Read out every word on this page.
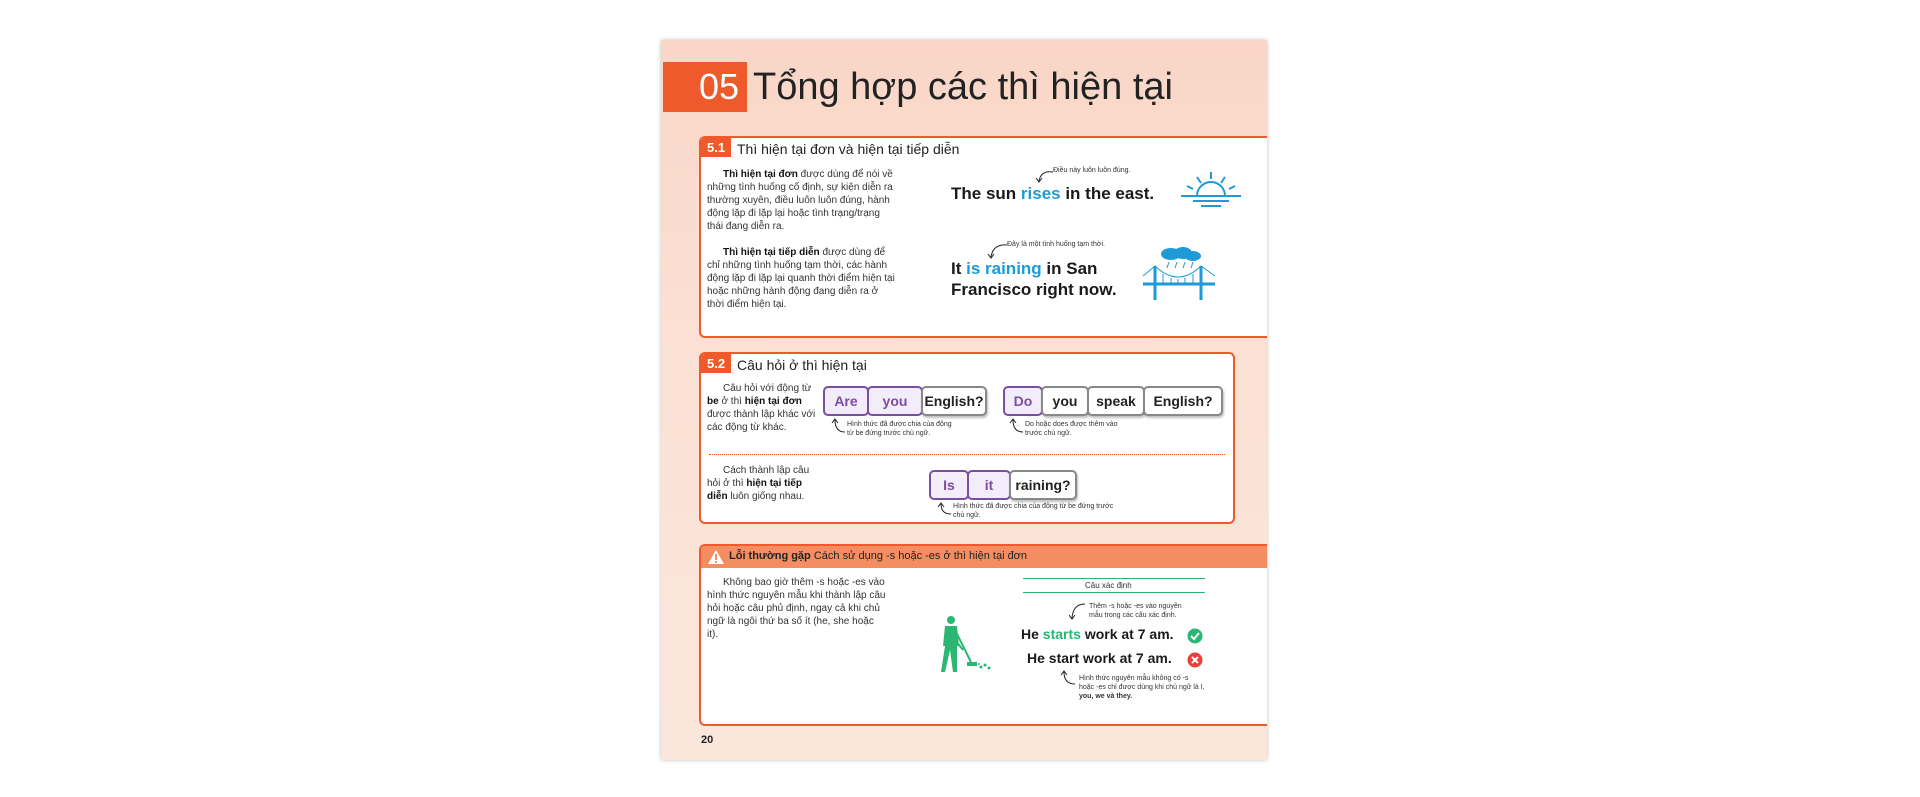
05 Tổng hợp các thì hiện tại
5.1 Thì hiện tại đơn và hiện tại tiếp diễn
Thì hiện tại đơn được dùng để nói về những tình huống cố định, sự kiện diễn ra thường xuyên, điều luôn luôn đúng, hành động lặp đi lặp lại hoặc tình trạng/trạng thái đang diễn ra.
Thì hiện tại tiếp diễn được dùng để chỉ những tình huống tạm thời, các hành động lặp đi lặp lại quanh thời điểm hiện tại hoặc những hành động đang diễn ra ở thời điểm hiện tại.
Điều này luôn luôn đúng.
The sun rises in the east.
Đây là một tình huống tạm thời.
It is raining in San
Francisco right now.
5.2 Câu hỏi ở thì hiện tại
Câu hỏi với động từ be ở thì hiện tại đơn được thành lập khác với các động từ khác.
Are	you	English?	Do	you	speak	English?
Hình thức đã được chia của động
từ be đứng trước chủ ngữ.
Do hoặc does được thêm vào
trước chủ ngữ.
Cách thành lập câu hỏi ở thì hiện tại tiếp diễn luôn giống nhau.
Is	it	raining?
Hình thức đã được chia của động từ be đứng trước
chủ ngữ.
Lỗi thường gặp Cách sử dụng -s hoặc -es ở thì hiện tại đơn
Không bao giờ thêm -s hoặc -es vào hình thức nguyên mẫu khi thành lập câu hỏi hoặc câu phủ định, ngay cả khi chủ ngữ là ngôi thứ ba số ít (he, she hoặc it).
Câu xác định
Thêm -s hoặc -es vào nguyên
mẫu trong các câu xác định.
He starts work at 7 am.
He start work at 7 am.
Hình thức nguyên mẫu không có -s
hoặc -es chỉ được dùng khi chủ ngữ là I,
you, we và they.
20
